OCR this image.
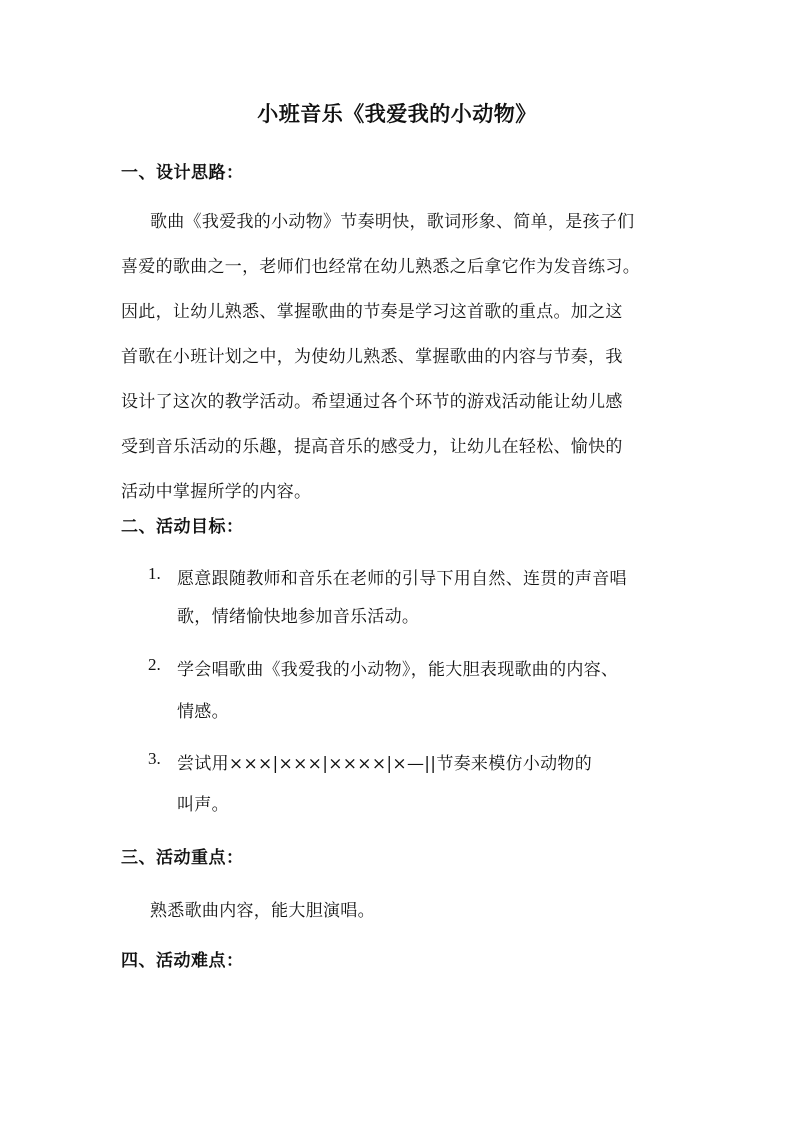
小班音乐《我爱我的小动物》
一、设计思路：
歌曲《我爱我的小动物》节奏明快，歌词形象、简单，是孩子们
喜爱的歌曲之一，老师们也经常在幼儿熟悉之后拿它作为发音练习。
因此，让幼儿熟悉、掌握歌曲的节奏是学习这首歌的重点。加之这
首歌在小班计划之中，为使幼儿熟悉、掌握歌曲的内容与节奏，我
设计了这次的教学活动。希望通过各个环节的游戏活动能让幼儿感
受到音乐活动的乐趣，提高音乐的感受力，让幼儿在轻松、愉快的
活动中掌握所学的内容。
二、活动目标：
1. 愿意跟随教师和音乐在老师的引导下用自然、连贯的声音唱
歌，情绪愉快地参加音乐活动。
2. 学会唱歌曲《我爱我的小动物》，能大胆表现歌曲的内容、
情感。
3. 尝试用×××|×××|××××|×—||节奏来模仿小动物的
叫声。
三、活动重点：
熟悉歌曲内容，能大胆演唱。
四、活动难点：
